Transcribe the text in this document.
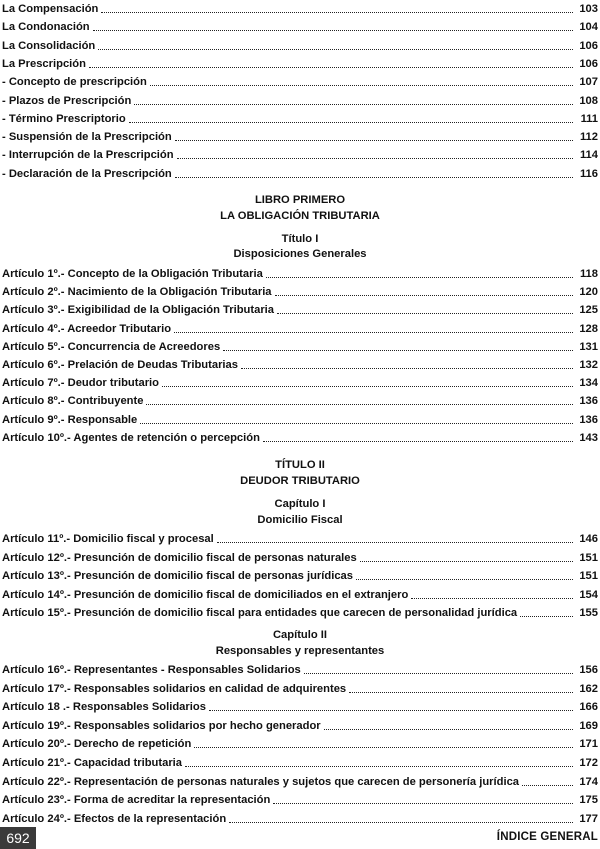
La Compensación	103
La Condonación	104
La Consolidación	106
La Prescripción	106
- Concepto de prescripción	107
- Plazos de Prescripción	108
- Término Prescriptorio	111
- Suspensión de la Prescripción	112
- Interrupción de la Prescripción	114
- Declaración de la Prescripción	116
LIBRO PRIMERO
LA OBLIGACIÓN TRIBUTARIA
Título I
Disposiciones Generales
Artículo 1º.- Concepto de la Obligación Tributaria	118
Artículo 2º.- Nacimiento de la Obligación Tributaria	120
Artículo 3º.- Exigibilidad de la Obligación Tributaria	125
Artículo 4º.- Acreedor Tributario	128
Artículo 5º.- Concurrencia de Acreedores	131
Artículo 6º.- Prelación de Deudas Tributarias	132
Artículo 7º.- Deudor tributario	134
Artículo 8º.- Contribuyente	136
Artículo 9º.- Responsable	136
Artículo 10º.- Agentes de retención o percepción	143
TÍTULO II
DEUDOR TRIBUTARIO
Capítulo I
Domicilio Fiscal
Artículo 11º.- Domicilio fiscal y procesal	146
Artículo 12º.- Presunción de domicilio fiscal de personas naturales	151
Artículo 13º.- Presunción de domicilio fiscal de personas jurídicas	151
Artículo 14º.- Presunción de domicilio fiscal de domiciliados en el extranjero	154
Artículo 15º.- Presunción de domicilio fiscal para entidades que carecen de personalidad jurídica	155
Capítulo II
Responsables y representantes
Artículo 16º.- Representantes - Responsables Solidarios	156
Artículo 17º.- Responsables solidarios en calidad de adquirentes	162
Artículo 18 .- Responsables Solidarios	166
Artículo 19º.- Responsables solidarios por hecho generador	169
Artículo 20º.- Derecho de repetición	171
Artículo 21º.- Capacidad tributaria	172
Artículo 22º.- Representación de personas naturales y sujetos que carecen de personería jurídica	174
Artículo 23º.- Forma de acreditar la representación	175
Artículo 24º.- Efectos de la representación	177
692	ÍNDICE GENERAL
